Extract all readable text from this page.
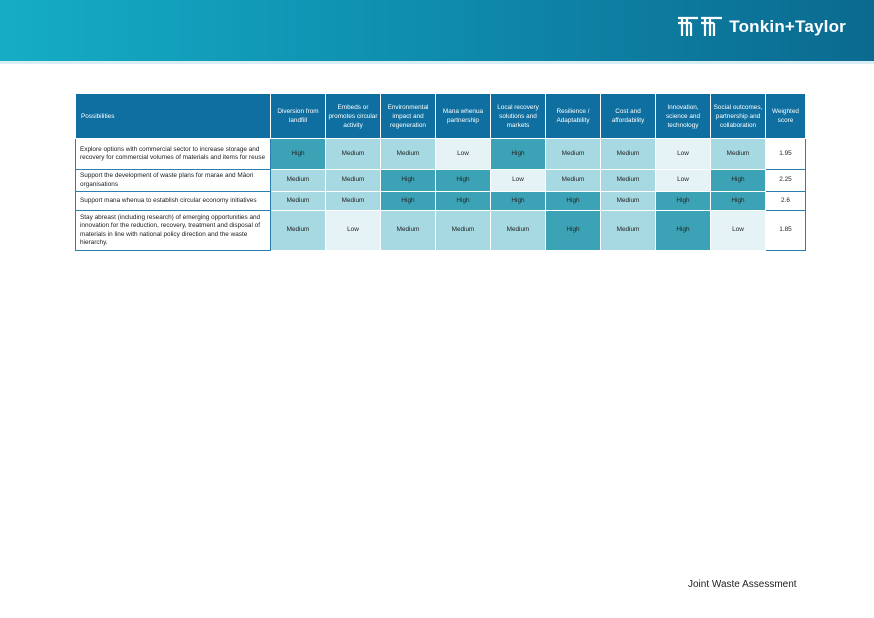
Tonkin+Taylor
Possibilities	Diversion from landfill	Embeds or promotes circular activity	Environmental impact and regeneration	Mana whenua partnership	Local recovery solutions and markets	Resilience / Adaptability	Cost and affordability	Innovation, science and technology	Social outcomes, partnership and collaboration	Weighted score
Explore options with commercial sector to increase storage and recovery for commercial volumes of materials and items for reuse	High	Medium	Medium	Low	High	Medium	Medium	Low	Medium	1.95
Support the development of waste plans for marae and Māori organisations	Medium	Medium	High	High	Low	Medium	Medium	Low	High	2.25
Support mana whenua to establish circular economy initiatives	Medium	Medium	High	High	High	High	Medium	High	High	2.6
Stay abreast (including research) of emerging opportunities and innovation for the reduction, recovery, treatment and disposal of materials in line with national policy direction and the waste hierarchy.	Medium	Low	Medium	Medium	Medium	High	Medium	High	Low	1.85
Joint Waste Assessment
